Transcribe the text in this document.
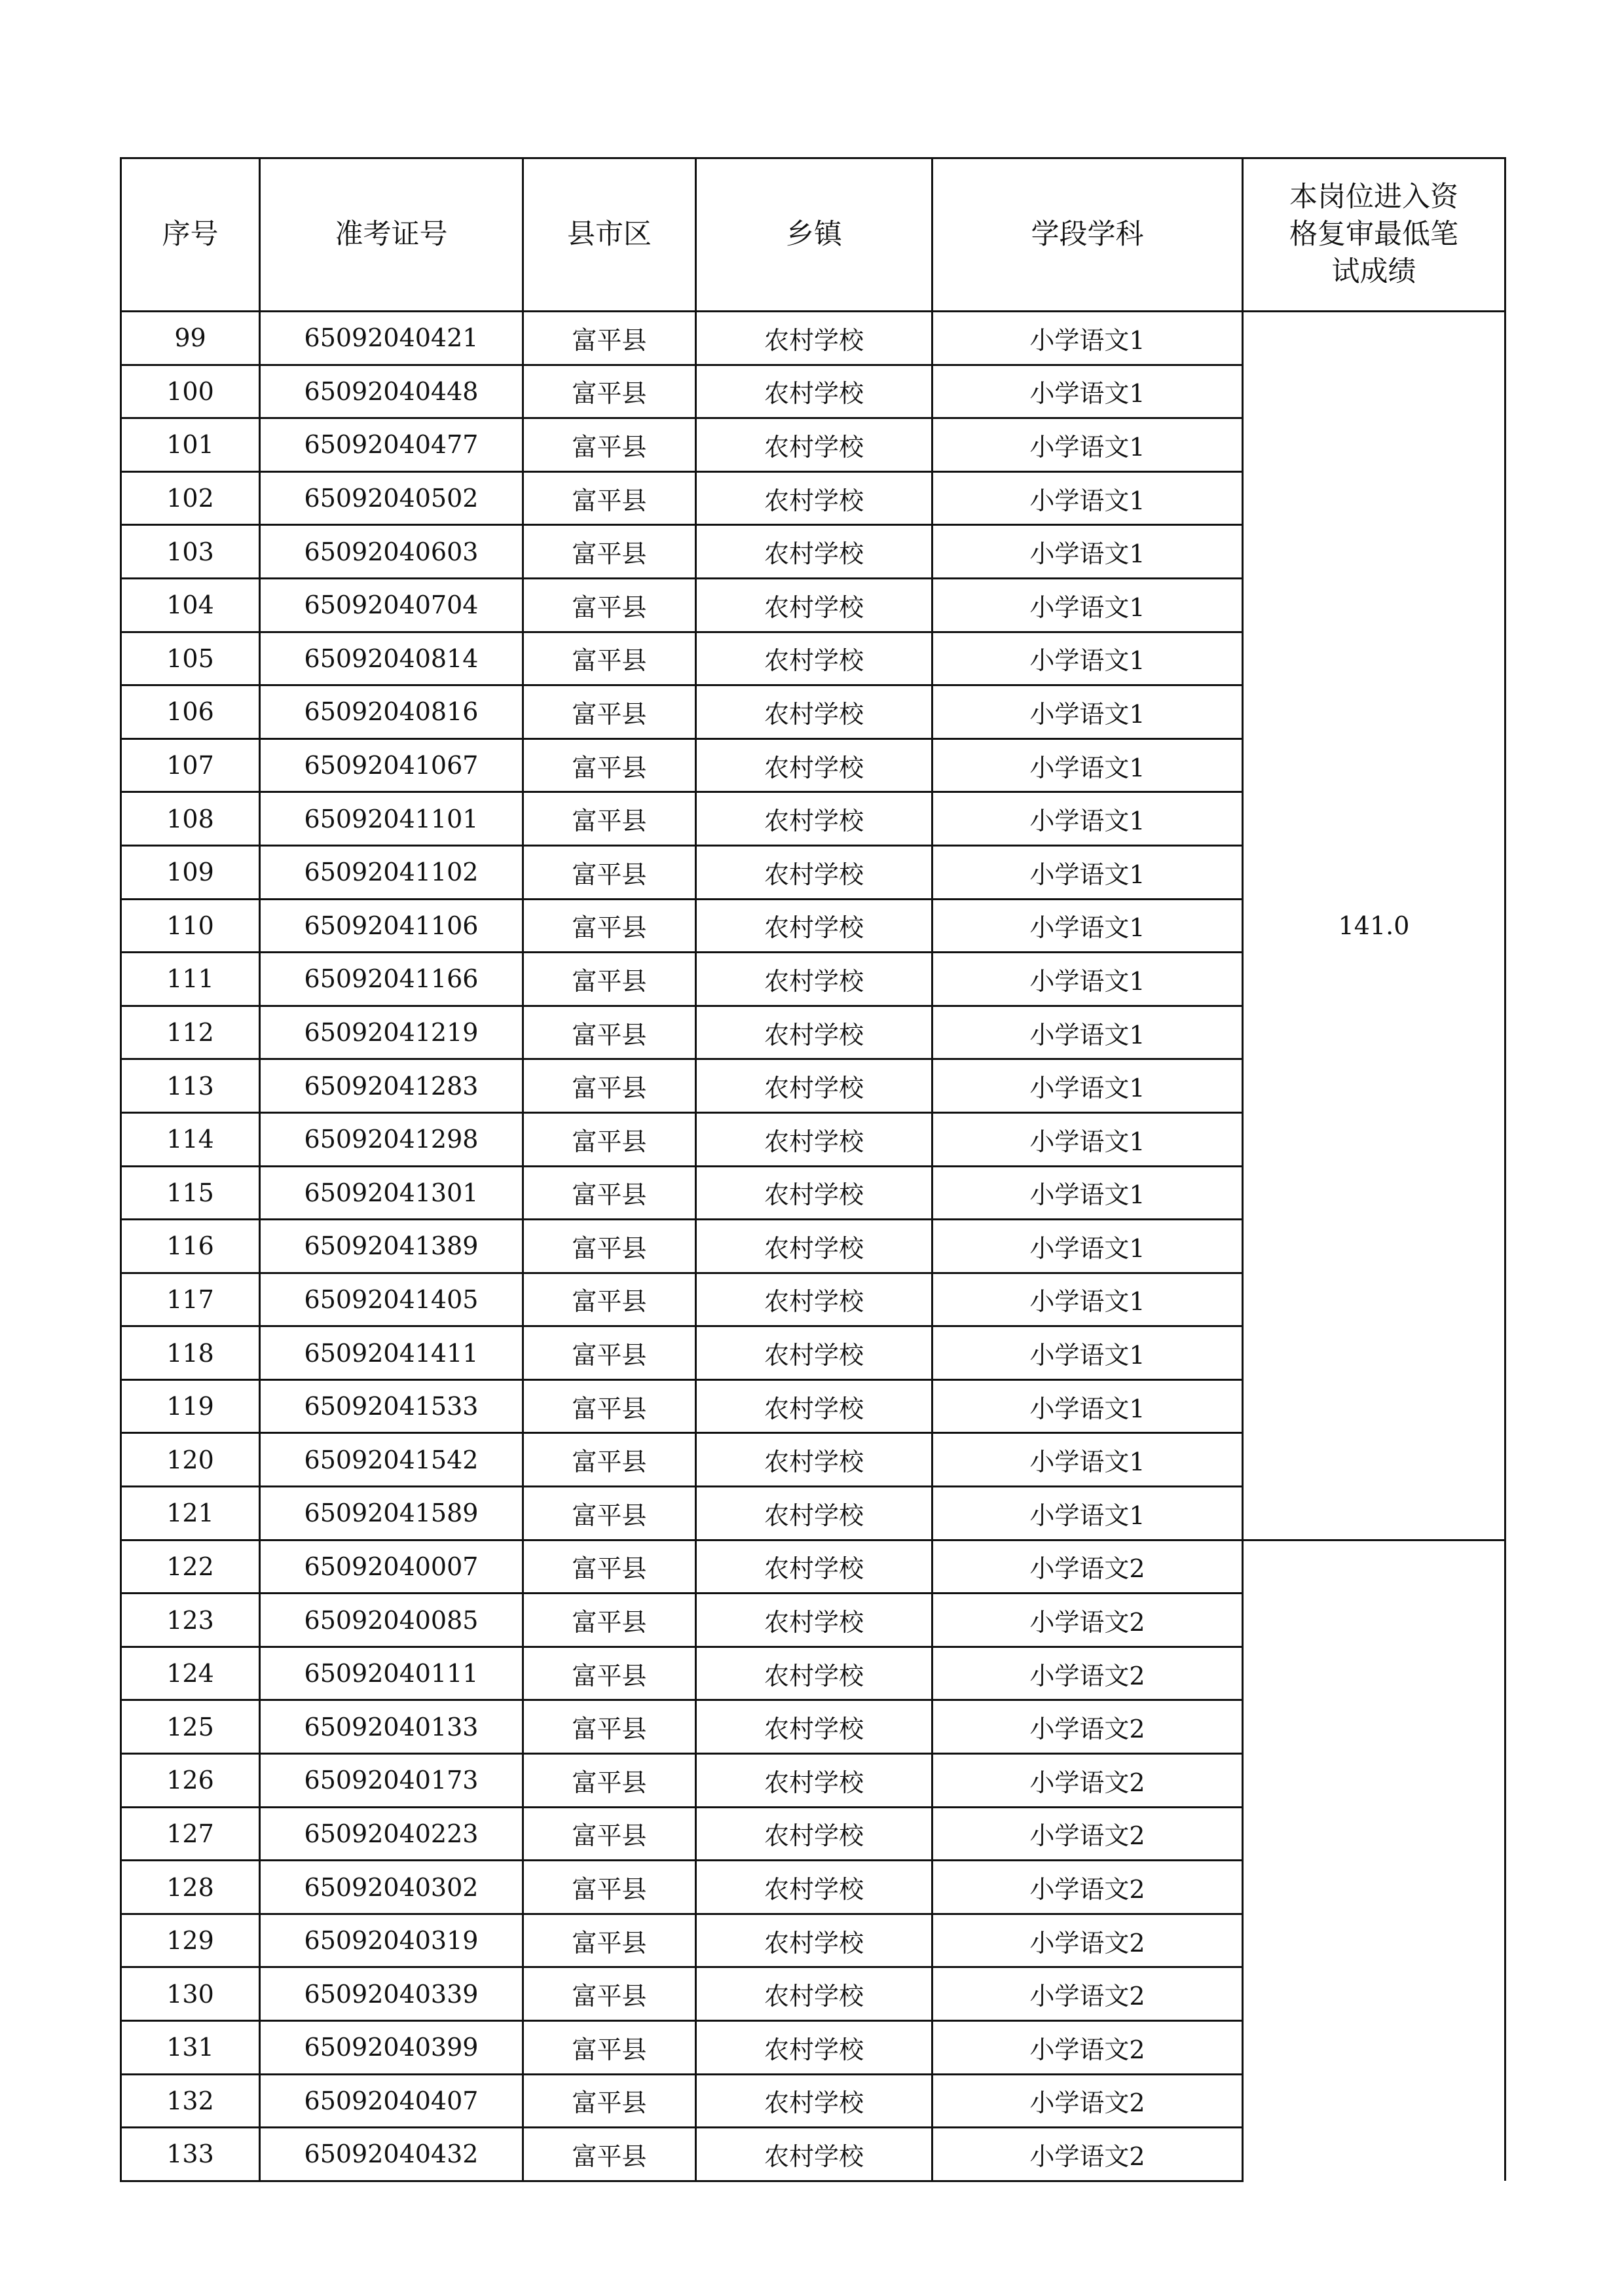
序号	准考证号	县市区	乡镇	学段学科	本岗位进入资格复审最低笔试成绩

99	65092040421	富平县	农村学校	小学语文1	141.0
100	65092040448	富平县	农村学校	小学语文1	
101	65092040477	富平县	农村学校	小学语文1	
102	65092040502	富平县	农村学校	小学语文1	
103	65092040603	富平县	农村学校	小学语文1	
104	65092040704	富平县	农村学校	小学语文1	
105	65092040814	富平县	农村学校	小学语文1	
106	65092040816	富平县	农村学校	小学语文1	
107	65092041067	富平县	农村学校	小学语文1	
108	65092041101	富平县	农村学校	小学语文1	
109	65092041102	富平县	农村学校	小学语文1	
110	65092041106	富平县	农村学校	小学语文1	
111	65092041166	富平县	农村学校	小学语文1	
112	65092041219	富平县	农村学校	小学语文1	
113	65092041283	富平县	农村学校	小学语文1	
114	65092041298	富平县	农村学校	小学语文1	
115	65092041301	富平县	农村学校	小学语文1	
116	65092041389	富平县	农村学校	小学语文1	
117	65092041405	富平县	农村学校	小学语文1	
118	65092041411	富平县	农村学校	小学语文1	
119	65092041533	富平县	农村学校	小学语文1	
120	65092041542	富平县	农村学校	小学语文1	
121	65092041589	富平县	农村学校	小学语文1	
122	65092040007	富平县	农村学校	小学语文2	
123	65092040085	富平县	农村学校	小学语文2	
124	65092040111	富平县	农村学校	小学语文2	
125	65092040133	富平县	农村学校	小学语文2	
126	65092040173	富平县	农村学校	小学语文2	
127	65092040223	富平县	农村学校	小学语文2	
128	65092040302	富平县	农村学校	小学语文2	
129	65092040319	富平县	农村学校	小学语文2	
130	65092040339	富平县	农村学校	小学语文2	
131	65092040399	富平县	农村学校	小学语文2	
132	65092040407	富平县	农村学校	小学语文2	
133	65092040432	富平县	农村学校	小学语文2	
